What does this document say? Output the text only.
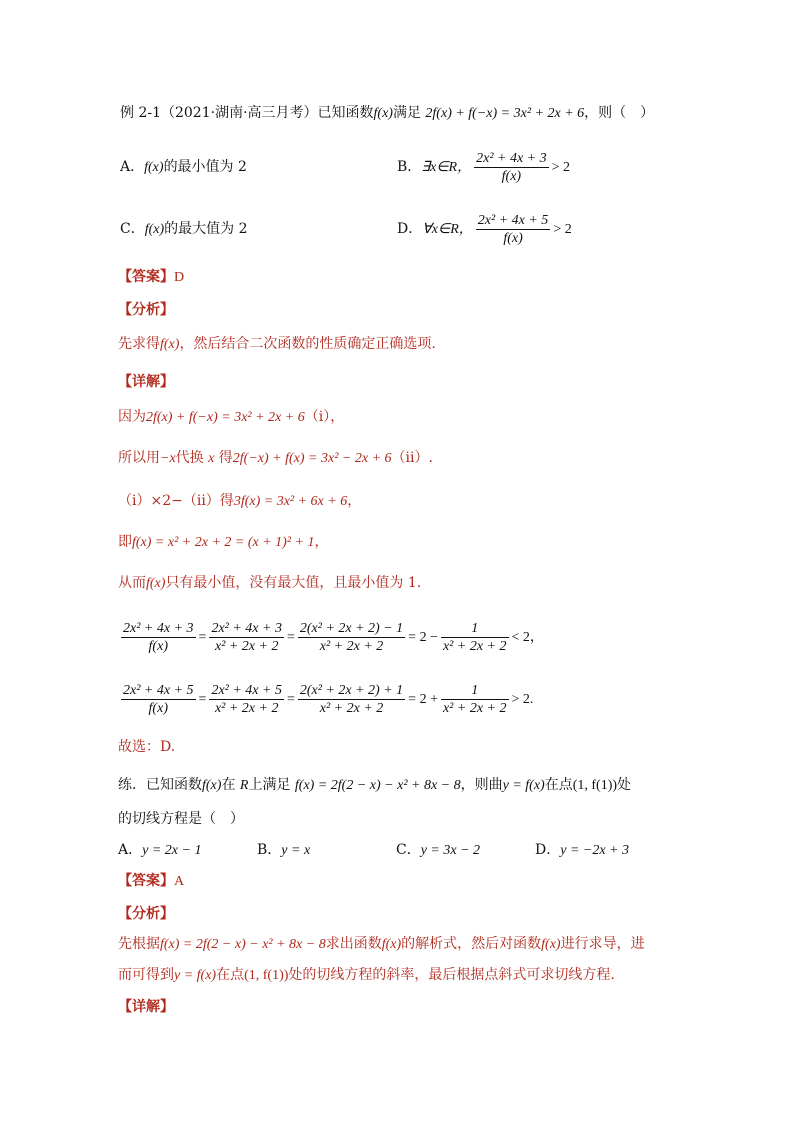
例 2-1（2021·湖南·高三月考）已知函数f(x)满足 2f(x) + f(−x) = 3x² + 2x + 6，则（　）
A．f(x)的最小值为 2	B．∃x∈R， $\frac{\text{2x² + 4x + 3}}{f(x)} > 2$
C．f(x)的最大值为 2	D．∀x∈R， $\frac{\text{2x² + 4x + 5}}{f(x)} > 2$
【答案】D
【分析】
先求得f(x)，然后结合二次函数的性质确定正确选项.
【详解】
因为2f(x) + f(−x) = 3x² + 2x + 6（i），
所以用−x代换 x 得2f(−x) + f(x) = 3x² − 2x + 6（ii）.
（i）×2−（ii）得3f(x) = 3x² + 6x + 6，
即f(x) = x² + 2x + 2 = (x + 1)² + 1，
从而f(x)只有最小值，没有最大值，且最小值为 1.
$\frac{\text{2x² + 4x + 3}}{f(x)} = \frac{\text{2x² + 4x + 3}}{\text{x² + 2x + 2}} = \frac{\text{2(x² + 2x + 2) − 1}}{\text{x² + 2x + 2}} = 2 - \frac{1}{\text{x² + 2x + 2}} < 2$，
$\frac{\text{2x² + 4x + 5}}{f(x)} = \frac{\text{2x² + 4x + 5}}{\text{x² + 2x + 2}} = \frac{\text{2(x² + 2x + 2) + 1}}{\text{x² + 2x + 2}} = 2 + \frac{1}{\text{x² + 2x + 2}} > 2$.
故选：D.
练．已知函数f(x)在 R上满足 f(x) = 2f(2 − x) − x² + 8x − 8，则曲y = f(x)在点(1, f(1))处
的切线方程是（　）
A．y = 2x − 1	B．y = x	C．y = 3x − 2	D．y = −2x + 3
【答案】A
【分析】
先根据f(x) = 2f(2 − x) − x² + 8x − 8求出函数f(x)的解析式，然后对函数f(x)进行求导，进
而可得到y = f(x)在点(1, f(1))处的切线方程的斜率，最后根据点斜式可求切线方程.
【详解】
